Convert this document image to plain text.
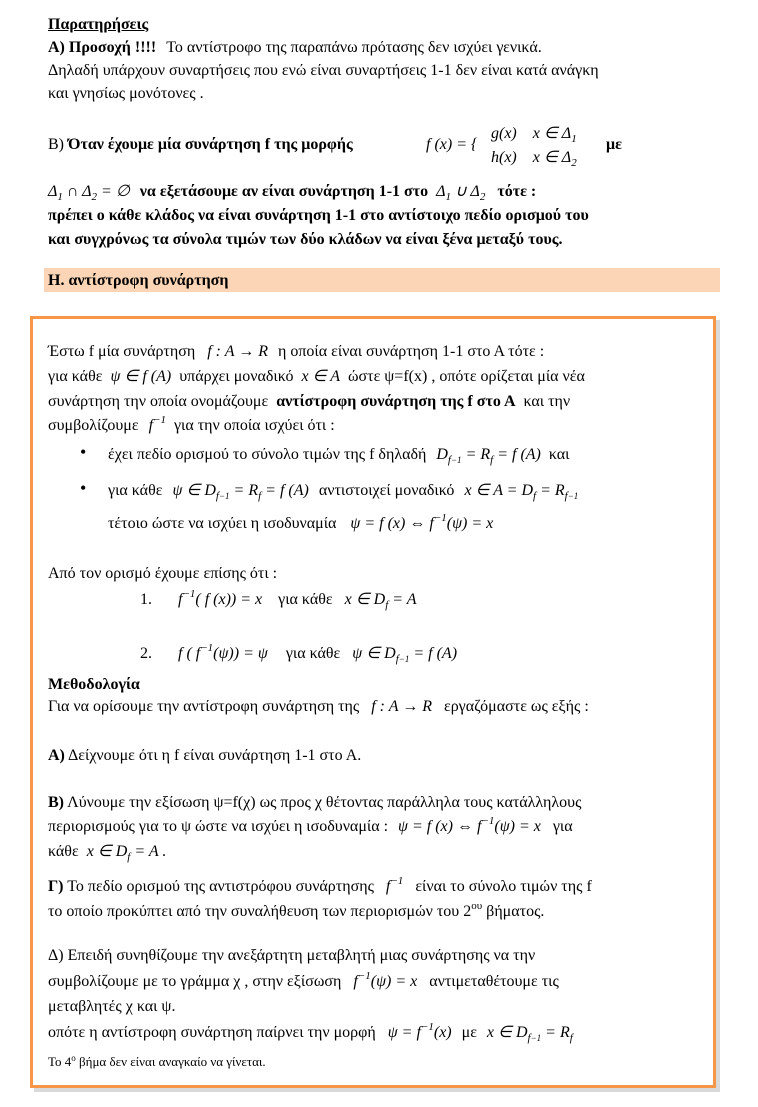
Παρατηρήσεις
Α) Προσοχή !!!! Το αντίστροφο της παραπάνω πρότασης δεν ισχύει γενικά.
Δηλαδή υπάρχουν συναρτήσεις που ενώ είναι συναρτήσεις 1-1 δεν είναι κατά ανάγκη
και γνησίως μονότονες .
Β) Όταν έχουμε μία συνάρτηση f της μορφής	f (x) = {
g(x)    x ∈ $\Delta_1$
h(x)    x ∈ $\Delta_2$
με
$\Delta_1$ ∩ $\Delta_2$ = ∅ να εξετάσουμε αν είναι συνάρτηση 1-1 στο $\Delta_1$ ∪ $\Delta_2$ τότε :
πρέπει ο κάθε κλάδος να είναι συνάρτηση 1-1 στο αντίστοιχο πεδίο ορισμού του
και συγχρόνως τα σύνολα τιμών των δύο κλάδων να είναι ξένα μεταξύ τους.
Η. αντίστροφη συνάρτηση
Έστω f μία συνάρτηση f : A → R η οποία είναι συνάρτηση 1-1 στο Α τότε :
για κάθε ψ ∈ f (A) υπάρχει μοναδικό x ∈ A ώστε ψ=f(x) , οπότε ορίζεται μία νέα
συνάρτηση την οποία ονομάζουμε αντίστροφη συνάρτηση της f στο Α και την
συμβολίζουμε $f^{-1}$ για την οποία ισχύει ότι :
• έχει πεδίο ορισμού το σύνολο τιμών της f δηλαδή $D_{f-1} = R_f = f$ (A) και
• για κάθε ψ ∈ $D_{f-1} = R_f = f$ (A) αντιστοιχεί μοναδικό x ∈ $A = D_f = R_{f-1}$
τέτοιο ώστε να ισχύει η ισοδυναμία ψ = f (x) ⇔ $f^{-1}(\psi) = x$
Από τον ορισμό έχουμε επίσης ότι :
1. $f^{-1}$( f (x)) = x για κάθε x ∈ $D_f = A$
2. f ( $f^{-1}(\psi)) = \psi$ για κάθε ψ ∈ $D_{f-1} = f$ (A)
Μεθοδολογία
Για να ορίσουμε την αντίστροφη συνάρτηση της f : A → R εργαζόμαστε ως εξής :
Α) Δείχνουμε ότι η f είναι συνάρτηση 1-1 στο Α.
Β) Λύνουμε την εξίσωση ψ=f(χ) ως προς χ θέτοντας παράλληλα τους κατάλληλους
περιορισμούς για το ψ ώστε να ισχύει η ισοδυναμία : ψ = f (x) ⇔ $f^{-1}(\psi) = x$ για
κάθε x ∈ $D_f = A$ .
Γ) Το πεδίο ορισμού της αντιστρόφου συνάρτησης $f^{-1}$ είναι το σύνολο τιμών της f
το οποίο προκύπτει από την συναλήθευση των περιορισμών του $2^{o\upsilon}$ βήματος.
Δ) Επειδή συνηθίζουμε την ανεξάρτητη μεταβλητή μιας συνάρτησης να την
συμβολίζουμε με το γράμμα χ , στην εξίσωση $f^{-1}(\psi) = x$ αντιμεταθέτουμε τις
μεταβλητές χ και ψ.
οπότε η αντίστροφη συνάρτηση παίρνει την μορφή $\psi = f^{-1}(x)$ με x ∈ $D_{f-1} = R_f$
Το $4^o$ βήμα δεν είναι αναγκαίο να γίνεται.
